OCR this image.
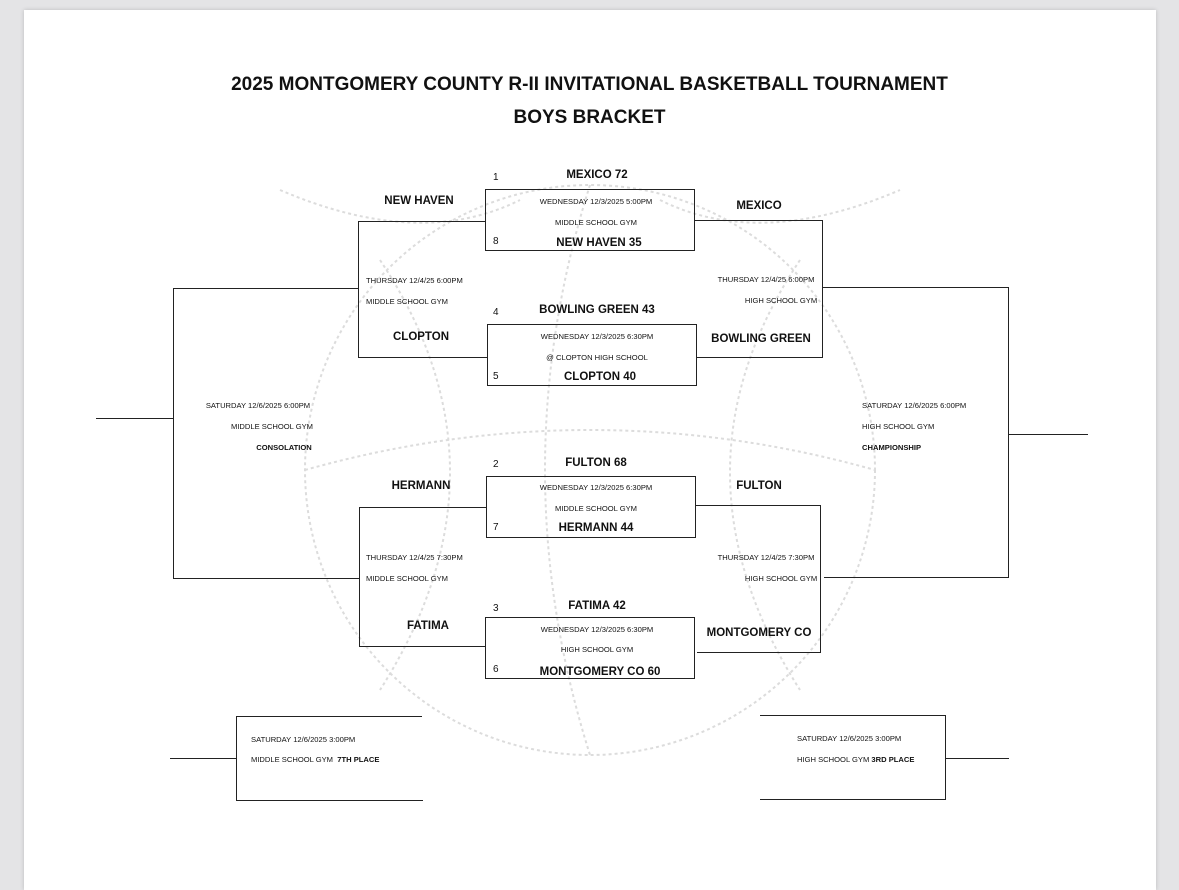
2025 MONTGOMERY COUNTY R-II INVITATIONAL BASKETBALL TOURNAMENT
BOYS BRACKET
1	MEXICO 72
WEDNESDAY 12/3/2025 5:00PM
MIDDLE SCHOOL GYM
8	NEW HAVEN 35
4	BOWLING GREEN 43
WEDNESDAY 12/3/2025 6:30PM
@ CLOPTON HIGH SCHOOL
5	CLOPTON 40
2	FULTON 68
WEDNESDAY 12/3/2025 6:30PM
MIDDLE SCHOOL GYM
7	HERMANN 44
3	FATIMA 42
WEDNESDAY 12/3/2025 6:30PM
HIGH SCHOOL GYM
6	MONTGOMERY CO 60
NEW HAVEN
THURSDAY 12/4/25 6:00PM
MIDDLE SCHOOL GYM
CLOPTON
HERMANN
THURSDAY 12/4/25 7:30PM
MIDDLE SCHOOL GYM
FATIMA
SATURDAY 12/6/2025 6:00PM
MIDDLE SCHOOL GYM
CONSOLATION
MEXICO
THURSDAY 12/4/25 6:00PM
HIGH SCHOOL GYM
BOWLING GREEN
FULTON
THURSDAY 12/4/25 7:30PM
HIGH SCHOOL GYM
MONTGOMERY CO
SATURDAY 12/6/2025 6:00PM
HIGH SCHOOL GYM
CHAMPIONSHIP
SATURDAY 12/6/2025 3:00PM
MIDDLE SCHOOL GYM 7TH PLACE
SATURDAY 12/6/2025 3:00PM
HIGH SCHOOL GYM 3RD PLACE
